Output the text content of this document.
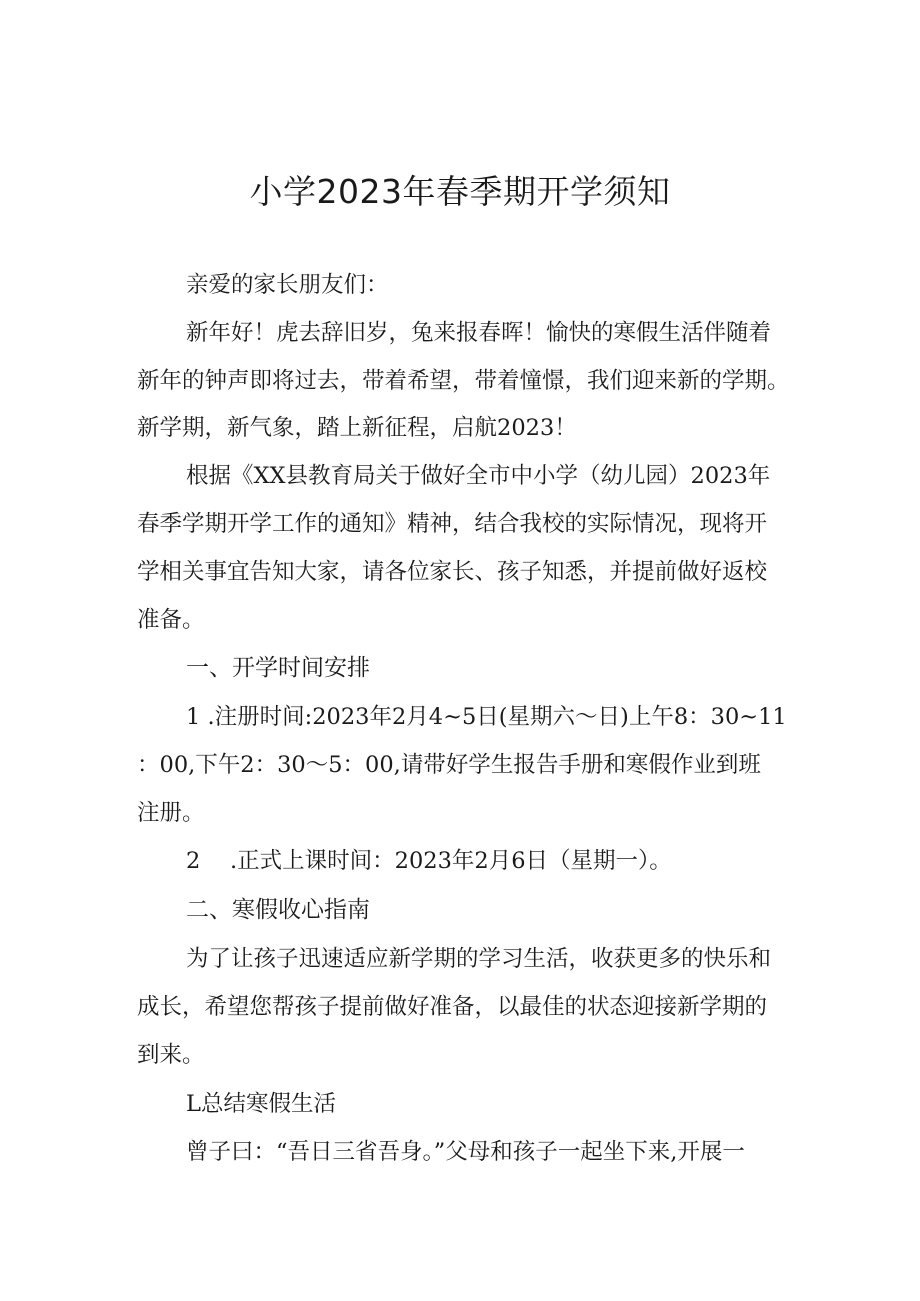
小学2023年春季期开学须知

亲爱的家长朋友们：

新年好！虎去辞旧岁，兔来报春晖！愉快的寒假生活伴随着

新年的钟声即将过去，带着希望，带着憧憬，我们迎来新的学期。

新学期，新气象，踏上新征程，启航2023！

根据《XX县教育局关于做好全市中小学（幼儿园）2023年

春季学期开学工作的通知》精神，结合我校的实际情况，现将开

学相关事宜告知大家，请各位家长、孩子知悉，并提前做好返校

准备。

一、开学时间安排

1 .注册时间:2023年2月4~5日(星期六～日)上午8：30~11

：00,下午2：30～5：00,请带好学生报告手册和寒假作业到班

注册。

2 .正式上课时间：2023年2月6日（星期一）。

二、寒假收心指南

为了让孩子迅速适应新学期的学习生活，收获更多的快乐和

成长，希望您帮孩子提前做好准备，以最佳的状态迎接新学期的

到来。

L总结寒假生活

曾子曰：“吾日三省吾身。”父母和孩子一起坐下来,开展一
